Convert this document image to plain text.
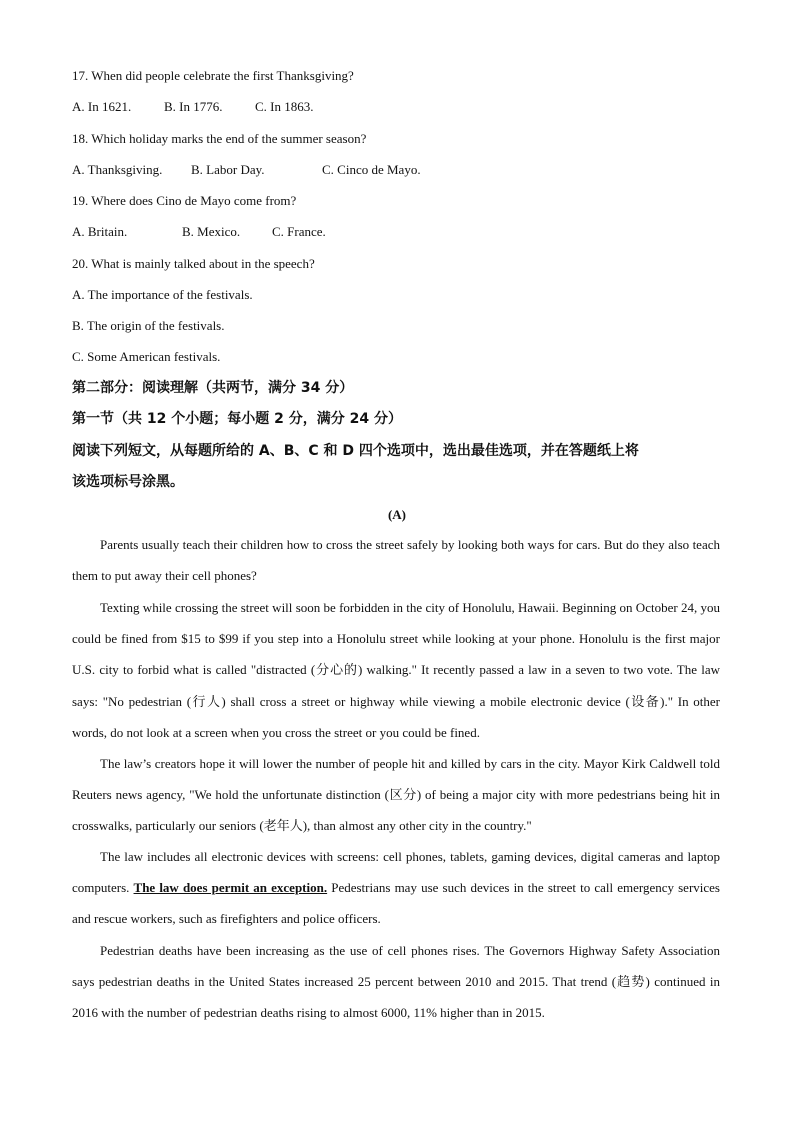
17. When did people celebrate the first Thanksgiving?
A. In 1621.	B. In 1776.	C. In 1863.
18. Which holiday marks the end of the summer season?
A. Thanksgiving. B. Labor Day.	C. Cinco de Mayo.
19. Where does Cino de Mayo come from?
A. Britain.	B. Mexico. C. France.
20. What is mainly talked about in the speech?
A. The importance of the festivals.
B. The origin of the festivals.
C. Some American festivals.
第二部分：阅读理解（共两节，满分 34 分）
第一节（共 12 个小题；每小题 2 分，满分 24 分）
阅读下列短文，从每题所给的 A、B、C 和 D 四个选项中，选出最佳选项，并在答题纸上将
该选项标号涂黑。
(A)
Parents usually teach their children how to cross the street safely by looking both ways for cars. But do they also teach them to put away their cell phones?
Texting while crossing the street will soon be forbidden in the city of Honolulu, Hawaii. Beginning on October 24, you could be fined from $15 to $99 if you step into a Honolulu street while looking at your phone. Honolulu is the first major U.S. city to forbid what is called "distracted (分心的) walking." It recently passed a law in a seven to two vote. The law says: "No pedestrian (行人) shall cross a street or highway while viewing a mobile electronic device (设备)." In other words, do not look at a screen when you cross the street or you could be fined.
The law’s creators hope it will lower the number of people hit and killed by cars in the city. Mayor Kirk Caldwell told Reuters news agency, "We hold the unfortunate distinction (区分) of being a major city with more pedestrians being hit in crosswalks, particularly our seniors (老年人), than almost any other city in the country."
The law includes all electronic devices with screens: cell phones, tablets, gaming devices, digital cameras and laptop computers. The law does permit an exception. Pedestrians may use such devices in the street to call emergency services and rescue workers, such as firefighters and police officers.
Pedestrian deaths have been increasing as the use of cell phones rises. The Governors Highway Safety Association says pedestrian deaths in the United States increased 25 percent between 2010 and 2015. That trend (趋势) continued in 2016 with the number of pedestrian deaths rising to almost 6000, 11% higher than in 2015.
